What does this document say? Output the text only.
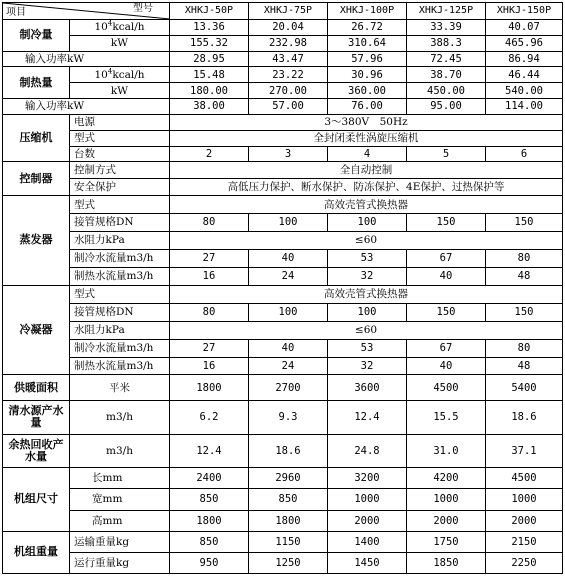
型号
项目		XHKJ-50P	XHKJ-75P	XHKJ-100P	XHKJ-125P	XHKJ-150P
制冷量	$10^4kcal/h$	13.36	20.04	26.72	33.39	40.07
	kW	155.32	232.98	310.64	388.3	465.96
输入功率kW		28.95	43.47	57.96	72.45	86.94
制热量	$10^4kcal/h$	15.48	23.22	30.96	38.70	46.44
	kW	180.00	270.00	360.00	450.00	540.00
输入功率kW		38.00	57.00	76.00	95.00	114.00
压缩机	电源	3～380V　50Hz				
	型式	全封闭柔性涡旋压缩机				
	台数	2	3	4	5	6
控制器	控制方式	全自动控制				
	安全保护	高低压力保护、断水保护、防冻保护、4E保护、过热保护等				
蒸发器	型式	高效壳管式换热器				
	接管规格DN	80	100	100	150	150
	水阻力kPa	≤60				
	制冷水流量m3/h	27	40	53	67	80
	制热水流量m3/h	16	24	32	40	48
冷凝器	型式	高效壳管式换热器				
	接管规格DN	80	100	100	150	150
	水阻力kPa	≤60				
	制冷水流量m3/h	27	40	53	67	80
	制热水流量m3/h	16	24	32	40	48
供暖面积	平米	1800	2700	3600	4500	5400
清水源产水量	m3/h	6.2	9.3	12.4	15.5	18.6
余热回收产水量	m3/h	12.4	18.6	24.8	31.0	37.1
机组尺寸	长mm	2400	2960	3200	4200	4500
	宽mm	850	850	1000	1000	1000
	高mm	1800	1800	2000	2000	2000
机组重量	运输重量kg	850	1150	1400	1750	2150
	运行重量kg	950	1250	1450	1850	2250
